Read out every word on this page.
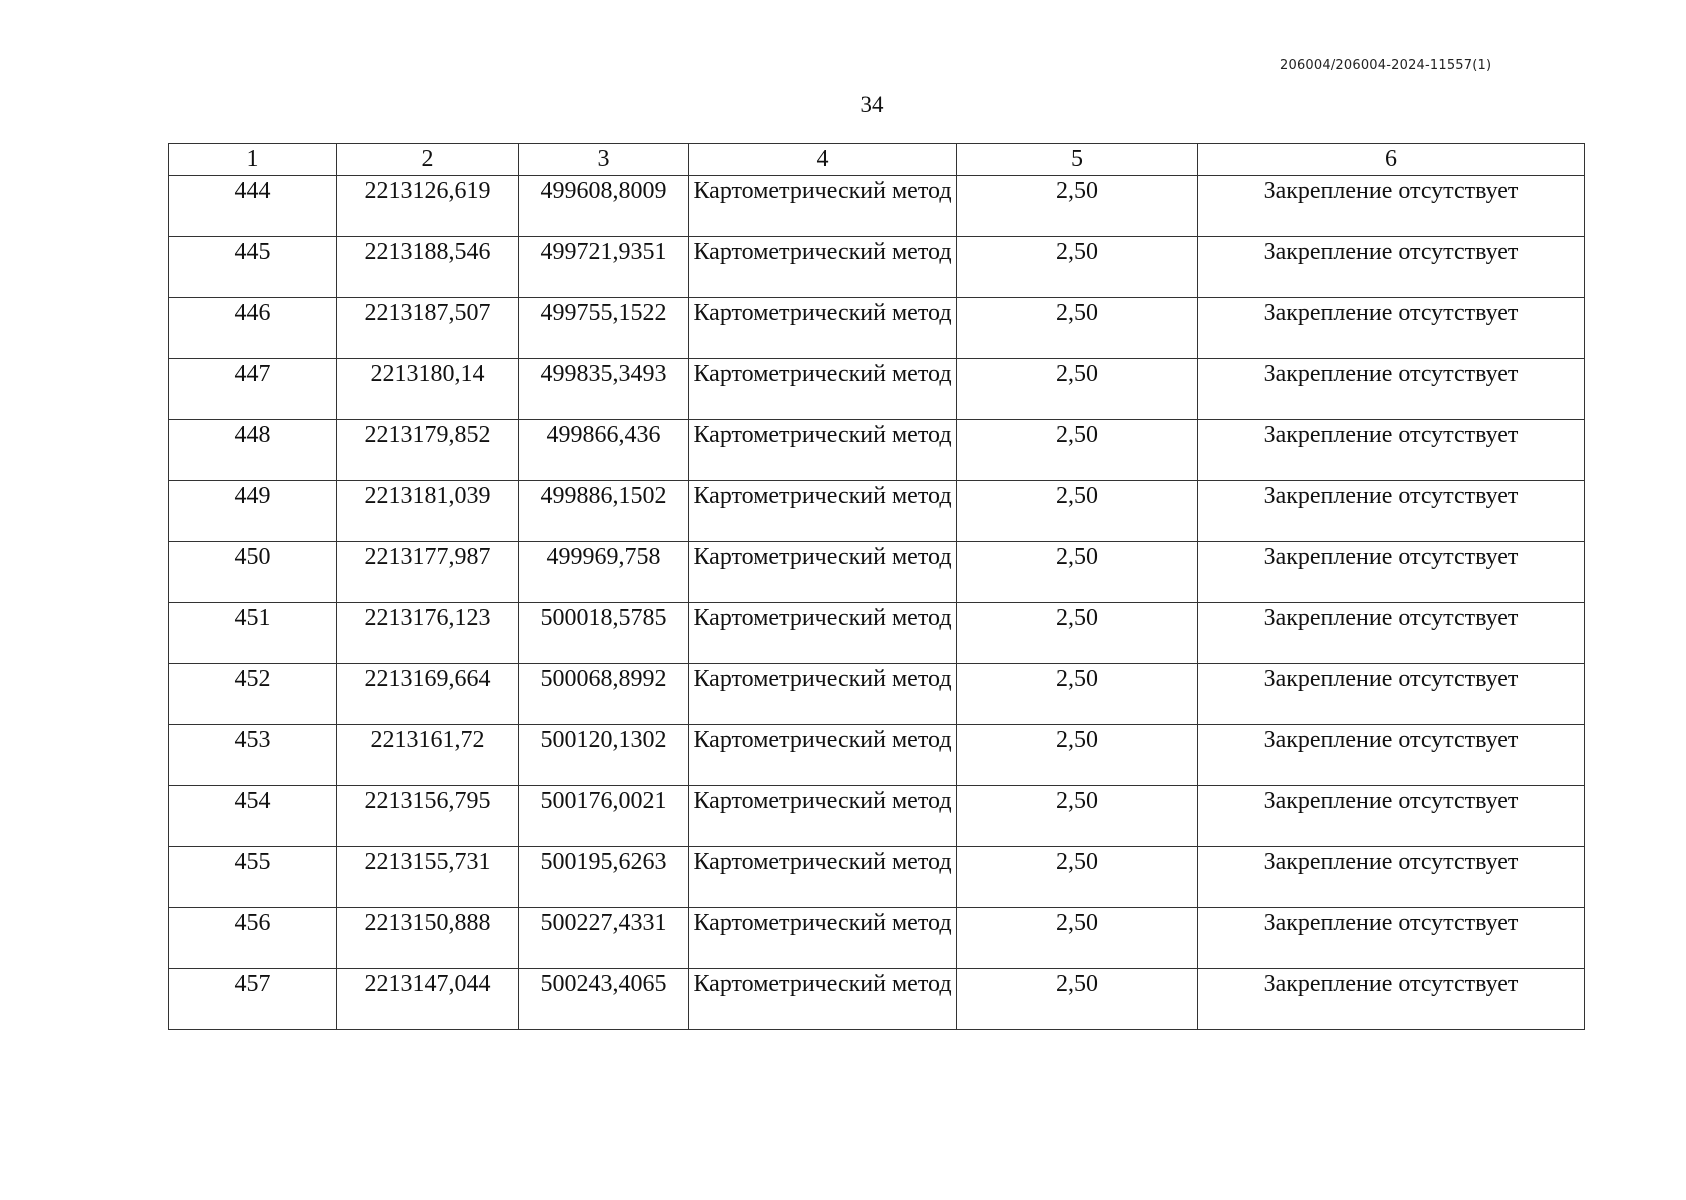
206004/206004-2024-11557(1)
34
1	2	3	4	5	6
444	2213126,619	499608,8009	Картометрический метод	2,50	Закрепление отсутствует
445	2213188,546	499721,9351	Картометрический метод	2,50	Закрепление отсутствует
446	2213187,507	499755,1522	Картометрический метод	2,50	Закрепление отсутствует
447	2213180,14	499835,3493	Картометрический метод	2,50	Закрепление отсутствует
448	2213179,852	499866,436	Картометрический метод	2,50	Закрепление отсутствует
449	2213181,039	499886,1502	Картометрический метод	2,50	Закрепление отсутствует
450	2213177,987	499969,758	Картометрический метод	2,50	Закрепление отсутствует
451	2213176,123	500018,5785	Картометрический метод	2,50	Закрепление отсутствует
452	2213169,664	500068,8992	Картометрический метод	2,50	Закрепление отсутствует
453	2213161,72	500120,1302	Картометрический метод	2,50	Закрепление отсутствует
454	2213156,795	500176,0021	Картометрический метод	2,50	Закрепление отсутствует
455	2213155,731	500195,6263	Картометрический метод	2,50	Закрепление отсутствует
456	2213150,888	500227,4331	Картометрический метод	2,50	Закрепление отсутствует
457	2213147,044	500243,4065	Картометрический метод	2,50	Закрепление отсутствует
